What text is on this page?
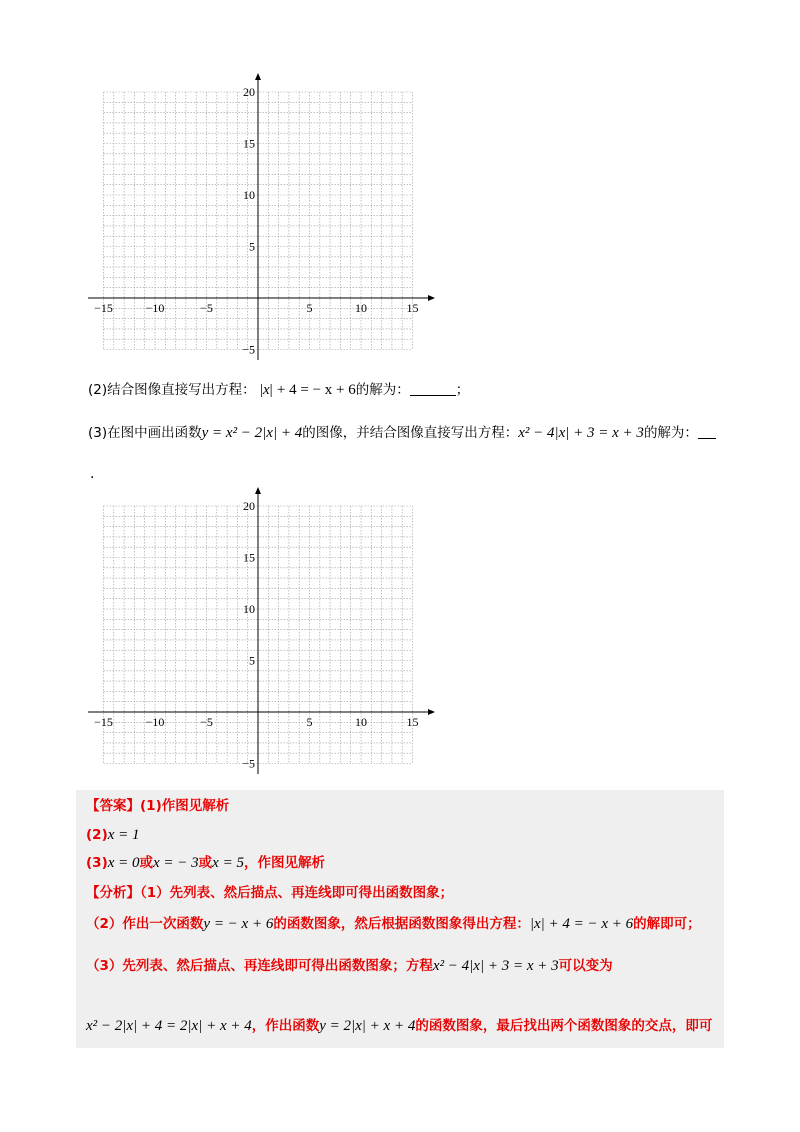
−15	−10	−5	5	10	15
20
15
10
5
−5
(2)结合图像直接写出方程： |x| + 4 = − x + 6的解为：	；
(3)在图中画出函数y = x² − 2|x| + 4的图像，并结合图像直接写出方程：x² − 4|x| + 3 = x + 3的解为：
.
−15	−10	−5	5	10	15
20
15
10
5
−5
【答案】(1)作图见解析
(2)x = 1
(3)x = 0或x = − 3或x = 5，作图见解析
【分析】（1）先列表、然后描点、再连线即可得出函数图象；
（2）作出一次函数y = − x + 6的函数图象，然后根据函数图象得出方程：|x| + 4 = − x + 6的解即可；
（3）先列表、然后描点、再连线即可得出函数图象；方程x² − 4|x| + 3 = x + 3可以变为
x² − 2|x| + 4 = 2|x| + x + 4，作出函数y = 2|x| + x + 4的函数图象，最后找出两个函数图象的交点，即可
